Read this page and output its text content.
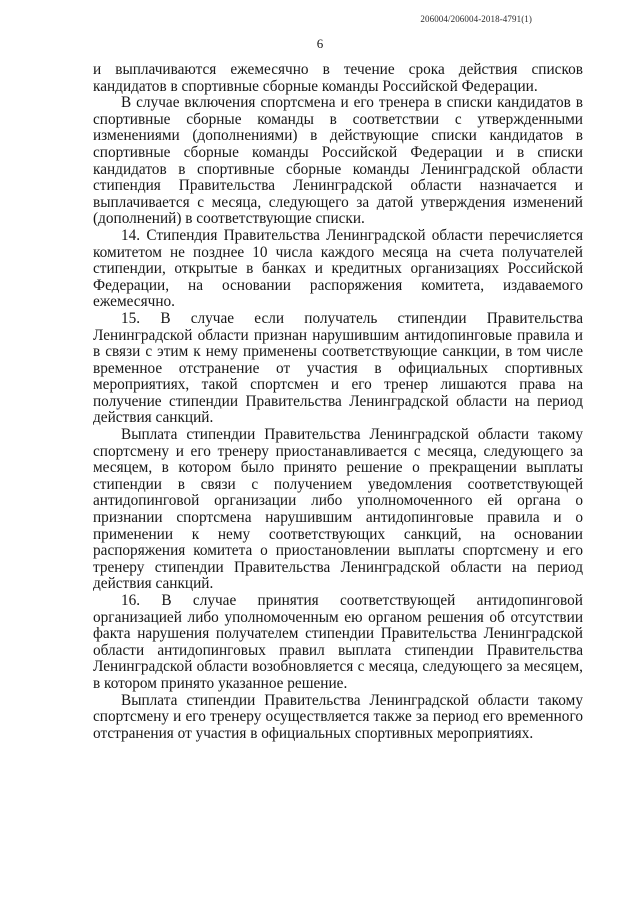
206004/206004-2018-4791(1)
6

и выплачиваются ежемесячно в течение срока действия списков кандидатов в спортивные сборные команды Российской Федерации.

В случае включения спортсмена и его тренера в списки кандидатов в спортивные сборные команды в соответствии с утвержденными изменениями (дополнениями) в действующие списки кандидатов в спортивные сборные команды Российской Федерации и в списки кандидатов в спортивные сборные команды Ленинградской области стипендия Правительства Ленинградской области назначается и выплачивается с месяца, следующего за датой утверждения изменений (дополнений) в соответствующие списки.

14. Стипендия Правительства Ленинградской области перечисляется комитетом не позднее 10 числа каждого месяца на счета получателей стипендии, открытые в банках и кредитных организациях Российской Федерации, на основании распоряжения комитета, издаваемого ежемесячно.

15. В случае если получатель стипендии Правительства Ленинградской области признан нарушившим антидопинговые правила и в связи с этим к нему применены соответствующие санкции, в том числе временное отстранение от участия в официальных спортивных мероприятиях, такой спортсмен и его тренер лишаются права на получение стипендии Правительства Ленинградской области на период действия санкций.

Выплата стипендии Правительства Ленинградской области такому спортсмену и его тренеру приостанавливается с месяца, следующего за месяцем, в котором было принято решение о прекращении выплаты стипендии в связи с получением уведомления соответствующей антидопинговой организации либо уполномоченного ей органа о признании спортсмена нарушившим антидопинговые правила и о применении к нему соответствующих санкций, на основании распоряжения комитета о приостановлении выплаты спортсмену и его тренеру стипендии Правительства Ленинградской области на период действия санкций.

16. В случае принятия соответствующей антидопинговой организацией либо уполномоченным ею органом решения об отсутствии факта нарушения получателем стипендии Правительства Ленинградской области антидопинговых правил выплата стипендии Правительства Ленинградской области возобновляется с месяца, следующего за месяцем, в котором принято указанное решение.

Выплата стипендии Правительства Ленинградской области такому спортсмену и его тренеру осуществляется также за период его временного отстранения от участия в официальных спортивных мероприятиях.
